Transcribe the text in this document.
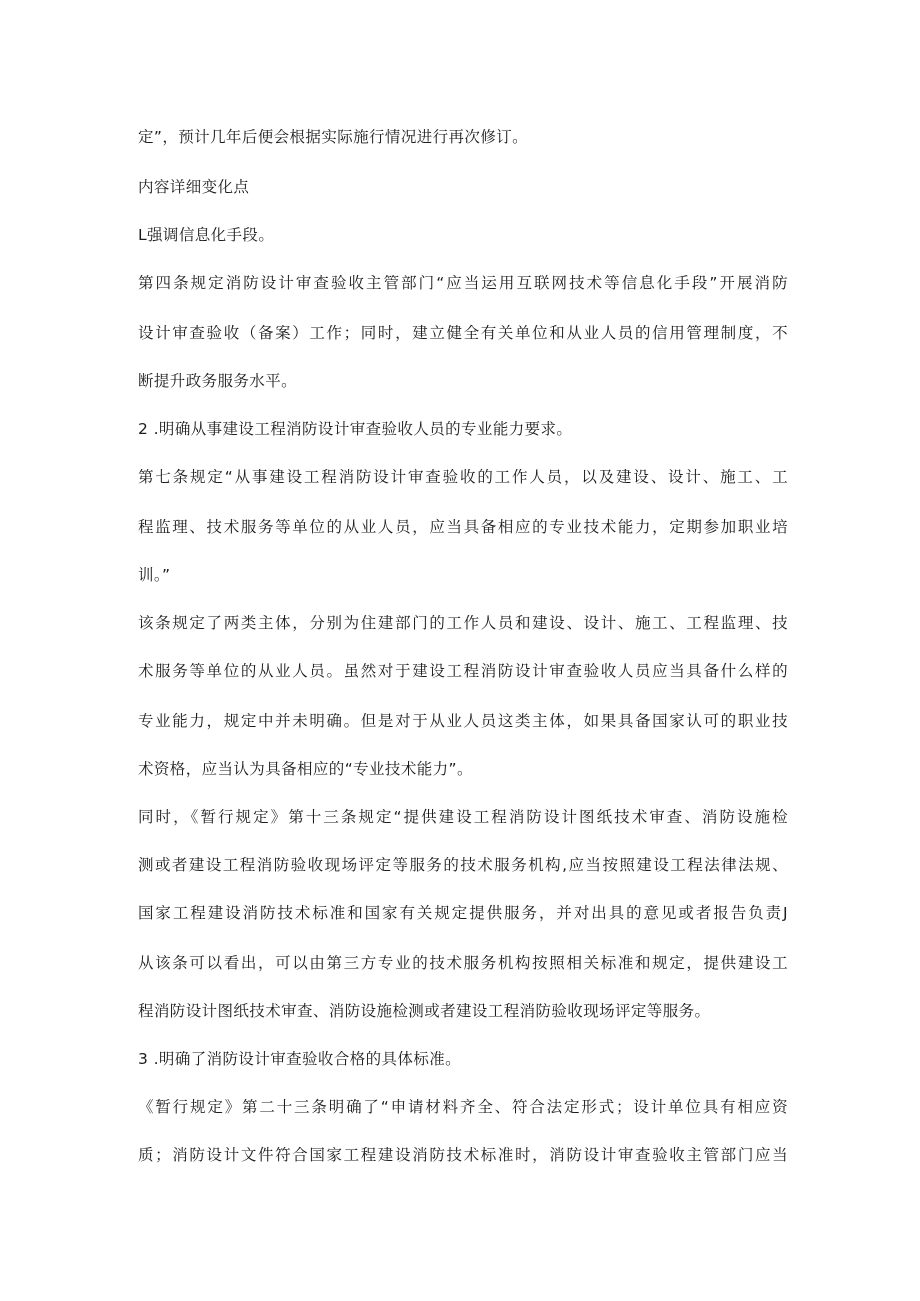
定”，预计几年后便会根据实际施行情况进行再次修订。
内容详细变化点
L强调信息化手段。
第四条规定消防设计审查验收主管部门“应当运用互联网技术等信息化手段”开展消防
设计审查验收（备案）工作；同时，建立健全有关单位和从业人员的信用管理制度，不
断提升政务服务水平。
2 .明确从事建设工程消防设计审查验收人员的专业能力要求。
第七条规定“从事建设工程消防设计审查验收的工作人员，以及建设、设计、施工、工
程监理、技术服务等单位的从业人员，应当具备相应的专业技术能力，定期参加职业培
训。”
该条规定了两类主体，分别为住建部门的工作人员和建设、设计、施工、工程监理、技
术服务等单位的从业人员。虽然对于建设工程消防设计审查验收人员应当具备什么样的
专业能力，规定中并未明确。但是对于从业人员这类主体，如果具备国家认可的职业技
术资格，应当认为具备相应的“专业技术能力”。
同时，《暂行规定》第十三条规定“提供建设工程消防设计图纸技术审查、消防设施检
测或者建设工程消防验收现场评定等服务的技术服务机构,应当按照建设工程法律法规、
国家工程建设消防技术标准和国家有关规定提供服务，并对出具的意见或者报告负责J
从该条可以看出，可以由第三方专业的技术服务机构按照相关标准和规定，提供建设工
程消防设计图纸技术审查、消防设施检测或者建设工程消防验收现场评定等服务。
3 .明确了消防设计审查验收合格的具体标准。
《暂行规定》第二十三条明确了“申请材料齐全、符合法定形式；设计单位具有相应资
质；消防设计文件符合国家工程建设消防技术标准时，消防设计审查验收主管部门应当
